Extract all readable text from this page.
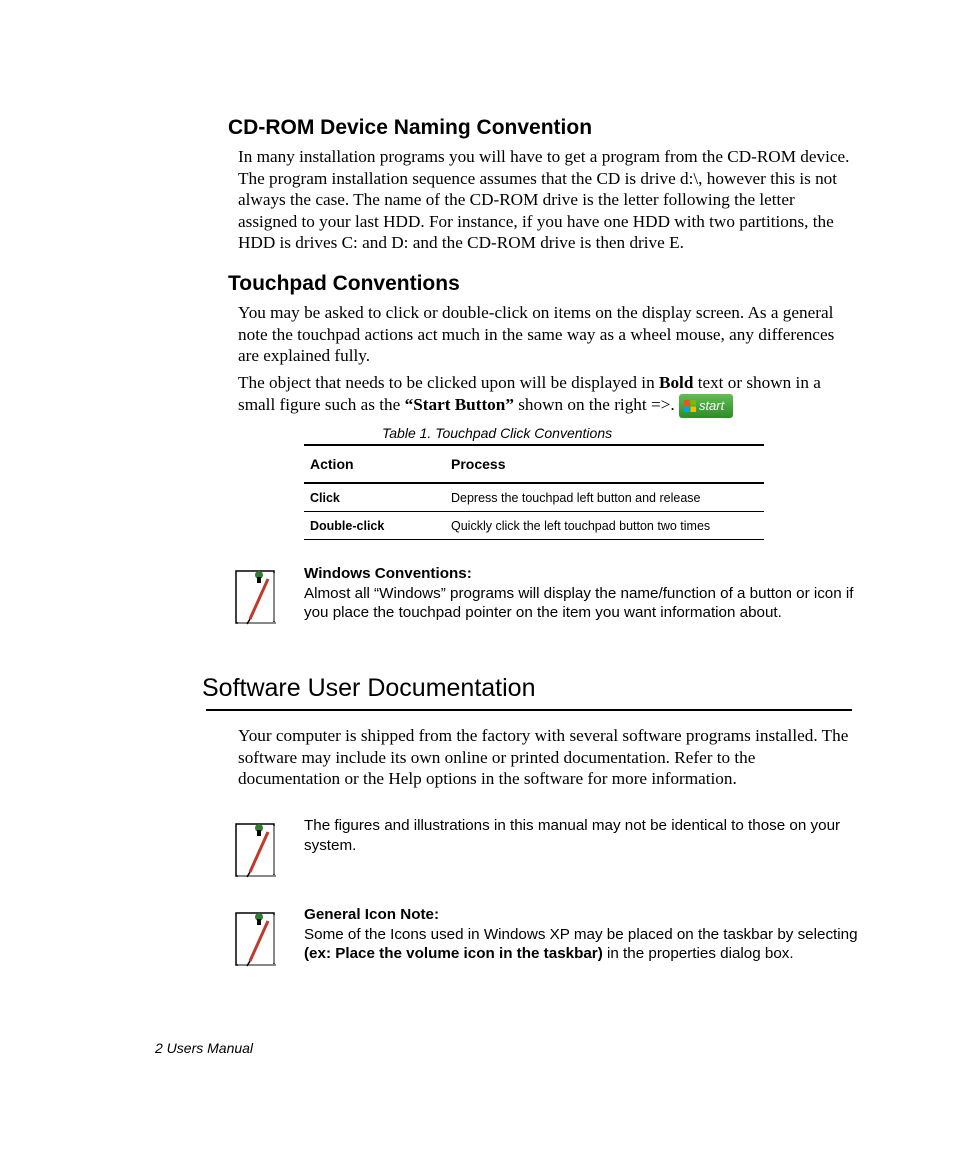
CD-ROM Device Naming Convention
In many installation programs you will have to get a program from the CD-ROM device. The program installation sequence assumes that the CD is drive d:\, however this is not always the case. The name of the CD-ROM drive is the letter following the letter assigned to your last HDD. For instance, if you have one HDD with two partitions, the HDD is drives C: and D: and the CD-ROM drive is then drive E.
Touchpad Conventions
You may be asked to click or double-click on items on the display screen. As a general note the touchpad actions act much in the same way as a wheel mouse, any differences are explained fully.
The object that needs to be clicked upon will be displayed in Bold text or shown in a small figure such as the “Start Button” shown on the right =>. start
Table 1. Touchpad Click Conventions
Action	Process
Click	Depress the touchpad left button and release
Double-click	Quickly click the left touchpad button two times
Windows Conventions:
Almost all “Windows” programs will display the name/function of a button or icon if you place the touchpad pointer on the item you want information about.
Software User Documentation
Your computer is shipped from the factory with several software programs installed. The software may include its own online or printed documentation. Refer to the documentation or the Help options in the software for more information.
The figures and illustrations in this manual may not be identical to those on your system.
General Icon Note:
Some of the Icons used in Windows XP may be placed on the taskbar by selecting (ex: Place the volume icon in the taskbar) in the properties dialog box.
2 Users Manual
